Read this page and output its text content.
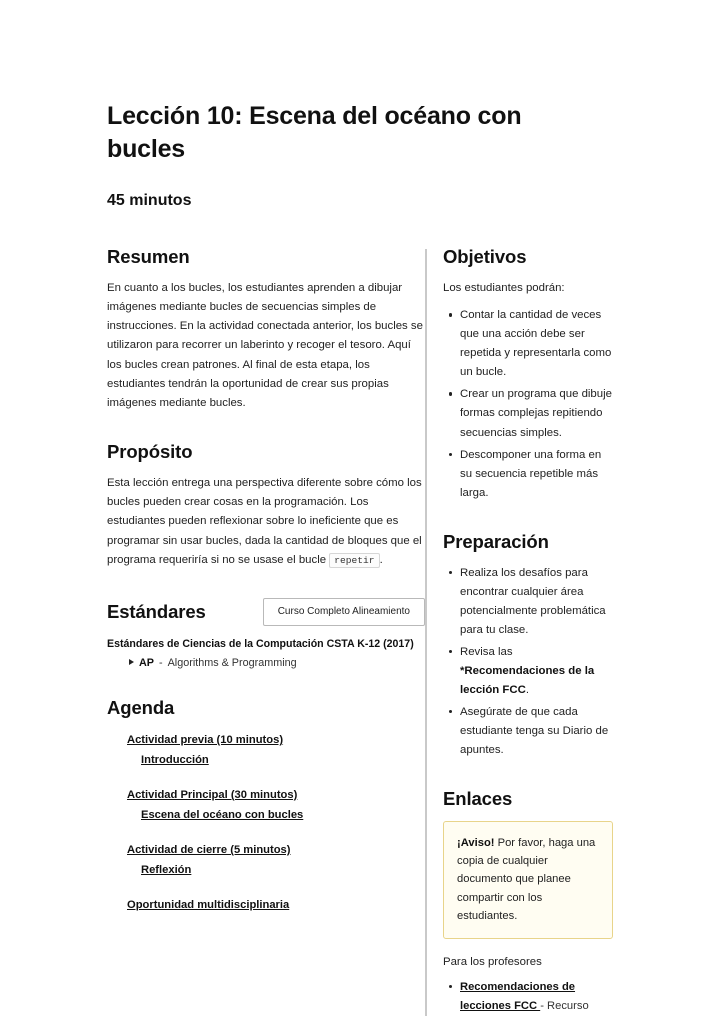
Lección 10: Escena del océano con bucles
45 minutos
Resumen

En cuanto a los bucles, los estudiantes aprenden a dibujar imágenes mediante bucles de secuencias simples de instrucciones. En la actividad conectada anterior, los bucles se utilizaron para recorrer un laberinto y recoger el tesoro. Aquí los bucles crean patrones. Al final de esta etapa, los estudiantes tendrán la oportunidad de crear sus propias imágenes mediante bucles.

Propósito

Esta lección entrega una perspectiva diferente sobre cómo los bucles pueden crear cosas en la programación. Los estudiantes pueden reflexionar sobre lo ineficiente que es programar sin usar bucles, dada la cantidad de bloques que el programa requeriría si no se usase el bucle repetir .

Estándares	Curso Completo Alineamiento
Estándares de Ciencias de la Computación CSTA K-12 (2017)
AP - Algorithms & Programming
Agenda
Actividad previa (10 minutos)
Introducción
Actividad Principal (30 minutos)
Escena del océano con bucles
Actividad de cierre (5 minutos)
Reflexión
Oportunidad multidisciplinaria
Objetivos

Los estudiantes podrán:

Contar la cantidad de veces que una acción debe ser repetida y representarla como un bucle.
Crear un programa que dibuje formas complejas repitiendo secuencias simples.
Descomponer una forma en su secuencia repetible más larga.
Preparación
Realiza los desafíos para encontrar cualquier área potencialmente problemática para tu clase.
Revisa las *Recomendaciones de la lección FCC.
Asegúrate de que cada estudiante tenga su Diario de apuntes.
Enlaces
¡Aviso! Por favor, haga una copia de cualquier documento que planee compartir con los estudiantes.

Para los profesores

Recomendaciones de lecciones FCC - Recurso
